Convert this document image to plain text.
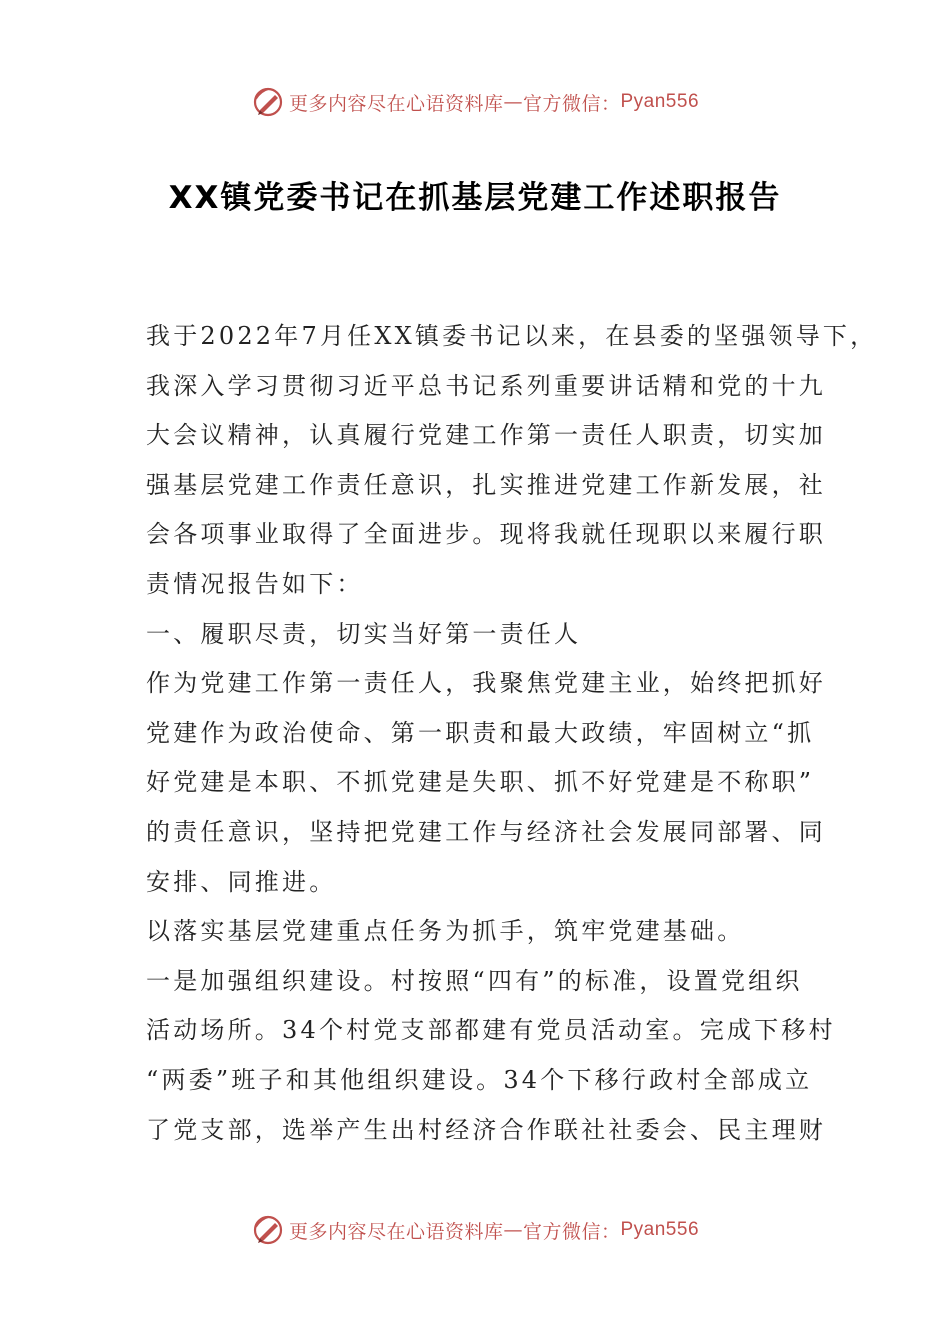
更多内容尽在心语资料库 — 官方微信： Pyan556
XX镇党委书记在抓基层党建工作述职报告
我于2022年7月任XX镇委书记以来，在县委的坚强领导下，
我深入学习贯彻习近平总书记系列重要讲话精和党的十九
大会议精神，认真履行党建工作第一责任人职责，切实加
强基层党建工作责任意识，扎实推进党建工作新发展，社
会各项事业取得了全面进步。现将我就任现职以来履行职
责情况报告如下：
一、履职尽责，切实当好第一责任人
作为党建工作第一责任人，我聚焦党建主业，始终把抓好
党建作为政治使命、第一职责和最大政绩，牢固树立“抓
好党建是本职、不抓党建是失职、抓不好党建是不称职”
的责任意识，坚持把党建工作与经济社会发展同部署、同
安排、同推进。
以落实基层党建重点任务为抓手，筑牢党建基础。
一是加强组织建设。村按照“四有”的标准，设置党组织
活动场所。34个村党支部都建有党员活动室。完成下移村
“两委”班子和其他组织建设。34个下移行政村全部成立
了党支部，选举产生出村经济合作联社社委会、民主理财
更多内容尽在心语资料库 — 官方微信： Pyan556
